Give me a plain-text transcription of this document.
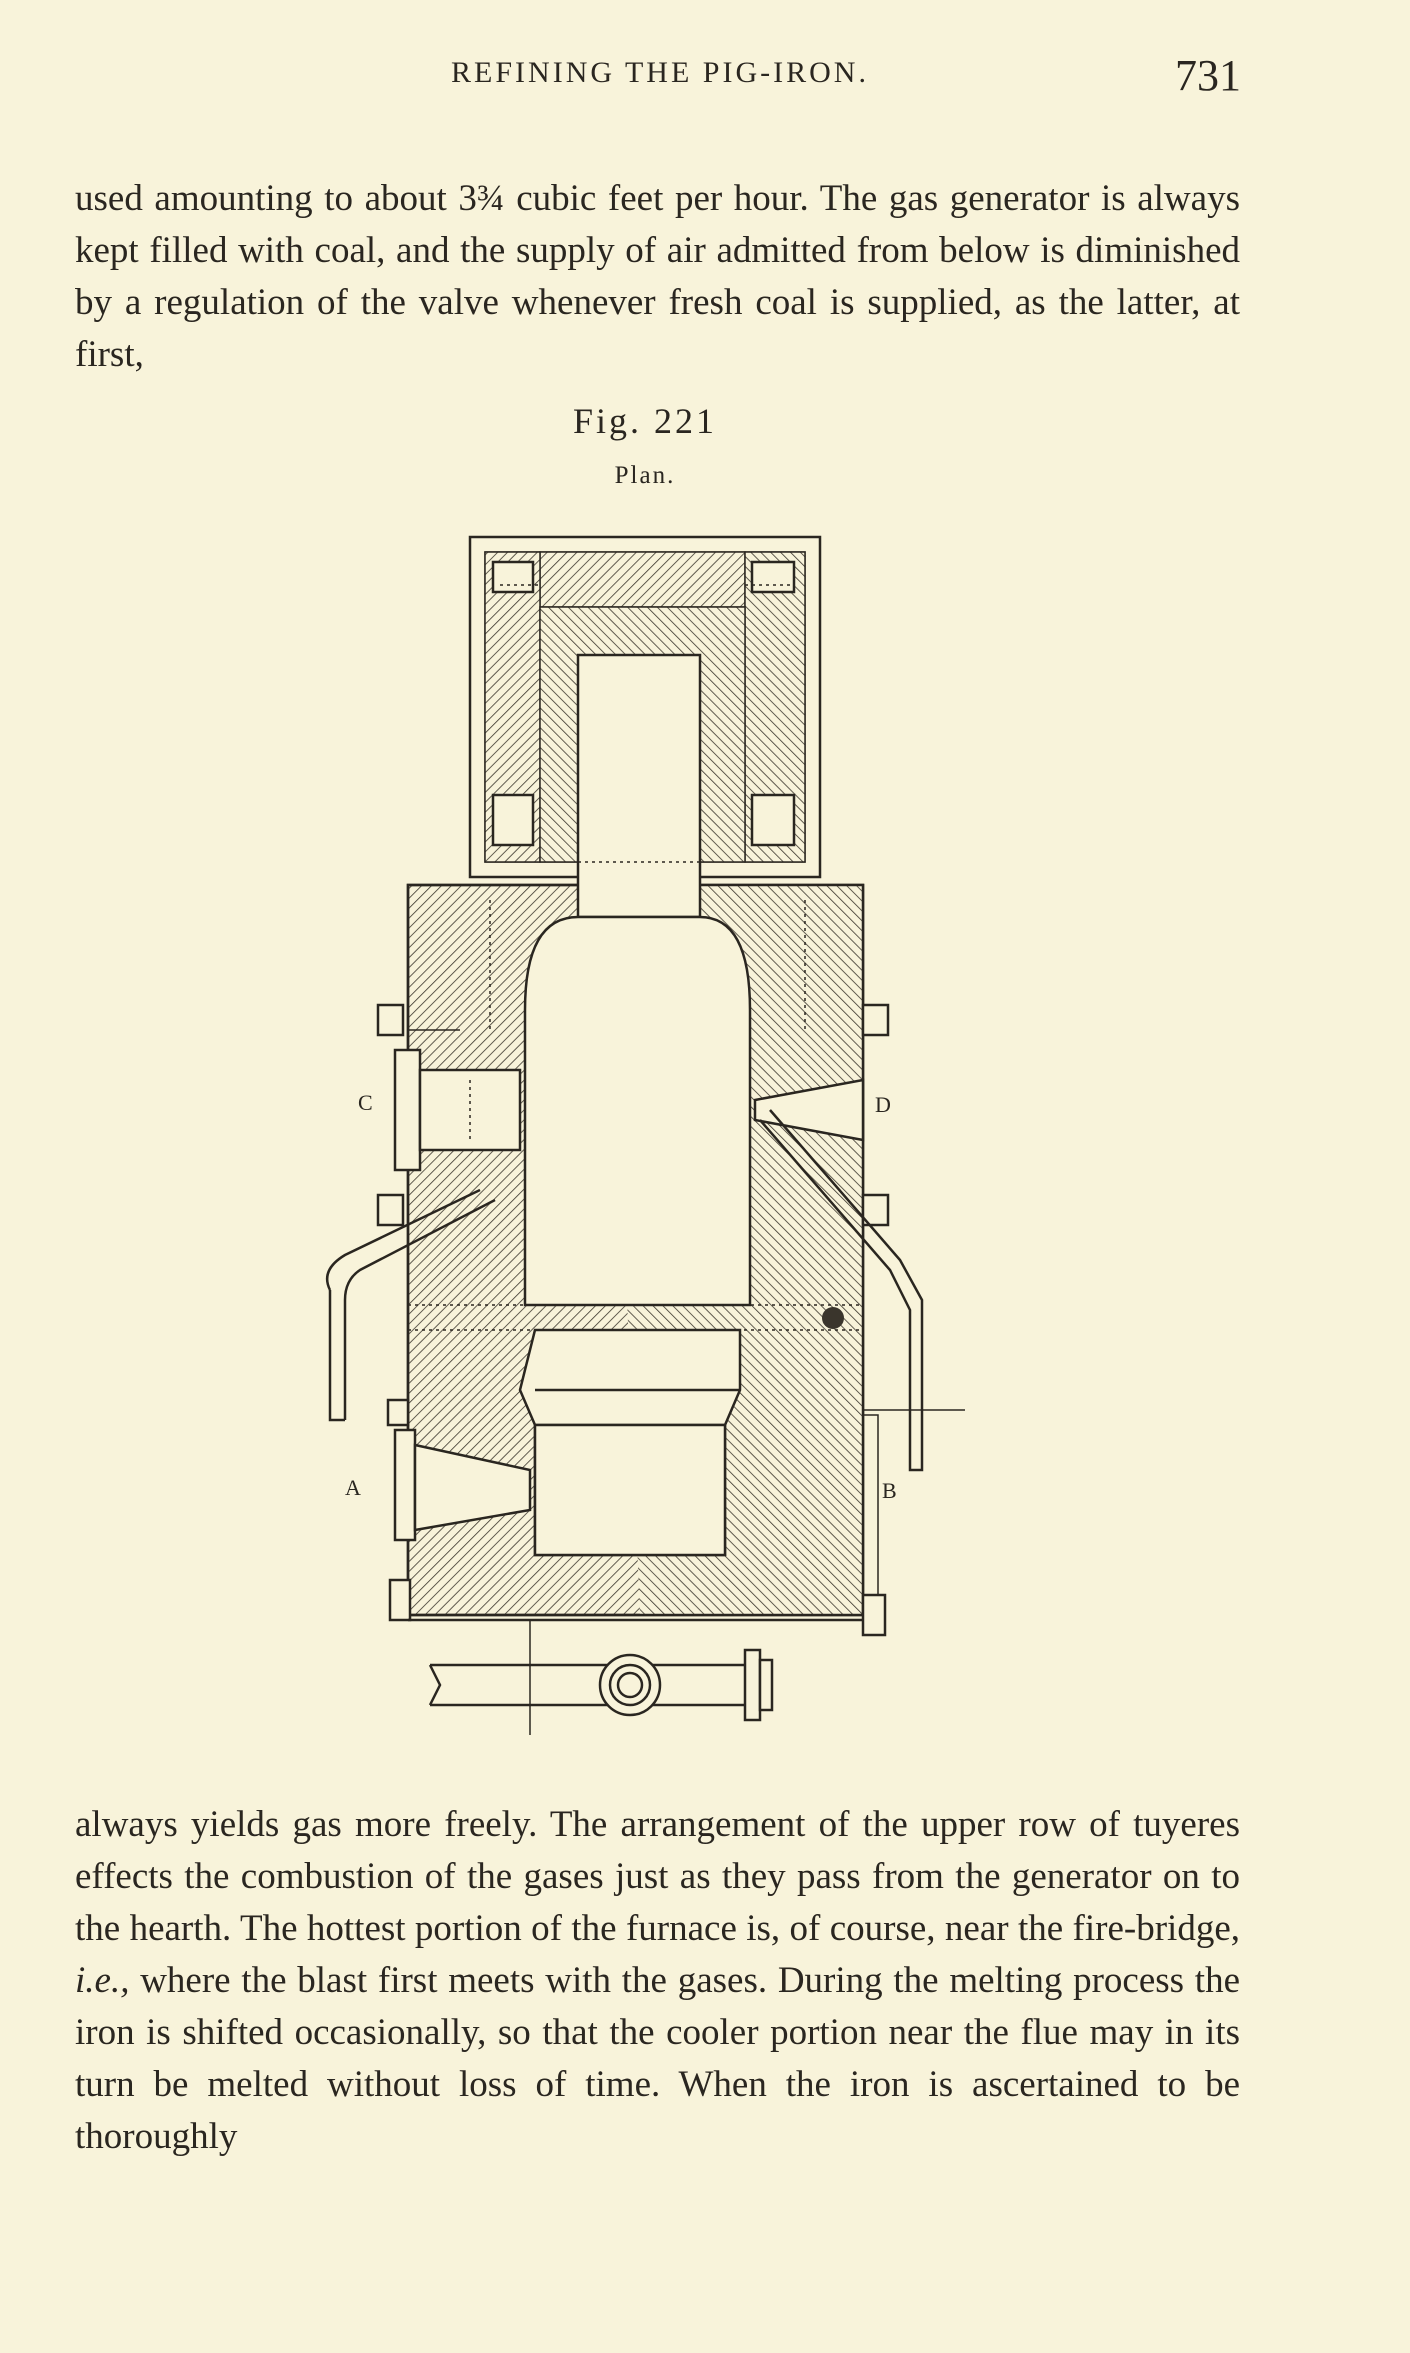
REFINING THE PIG-IRON.	731

used amounting to about 3¾ cubic feet per hour. The gas generator is always kept filled with coal, and the supply of air admitted from below is diminished by a regulation of the valve whenever fresh coal is supplied, as the latter, at first,

Fig. 221
Plan.
C	D
A	B

always yields gas more freely. The arrangement of the upper row of tuyeres effects the combustion of the gases just as they pass from the generator on to the hearth. The hottest portion of the furnace is, of course, near the fire-bridge, i.e., where the blast first meets with the gases. During the melting process the iron is shifted occasionally, so that the cooler portion near the flue may in its turn be melted without loss of time. When the iron is ascertained to be thoroughly
